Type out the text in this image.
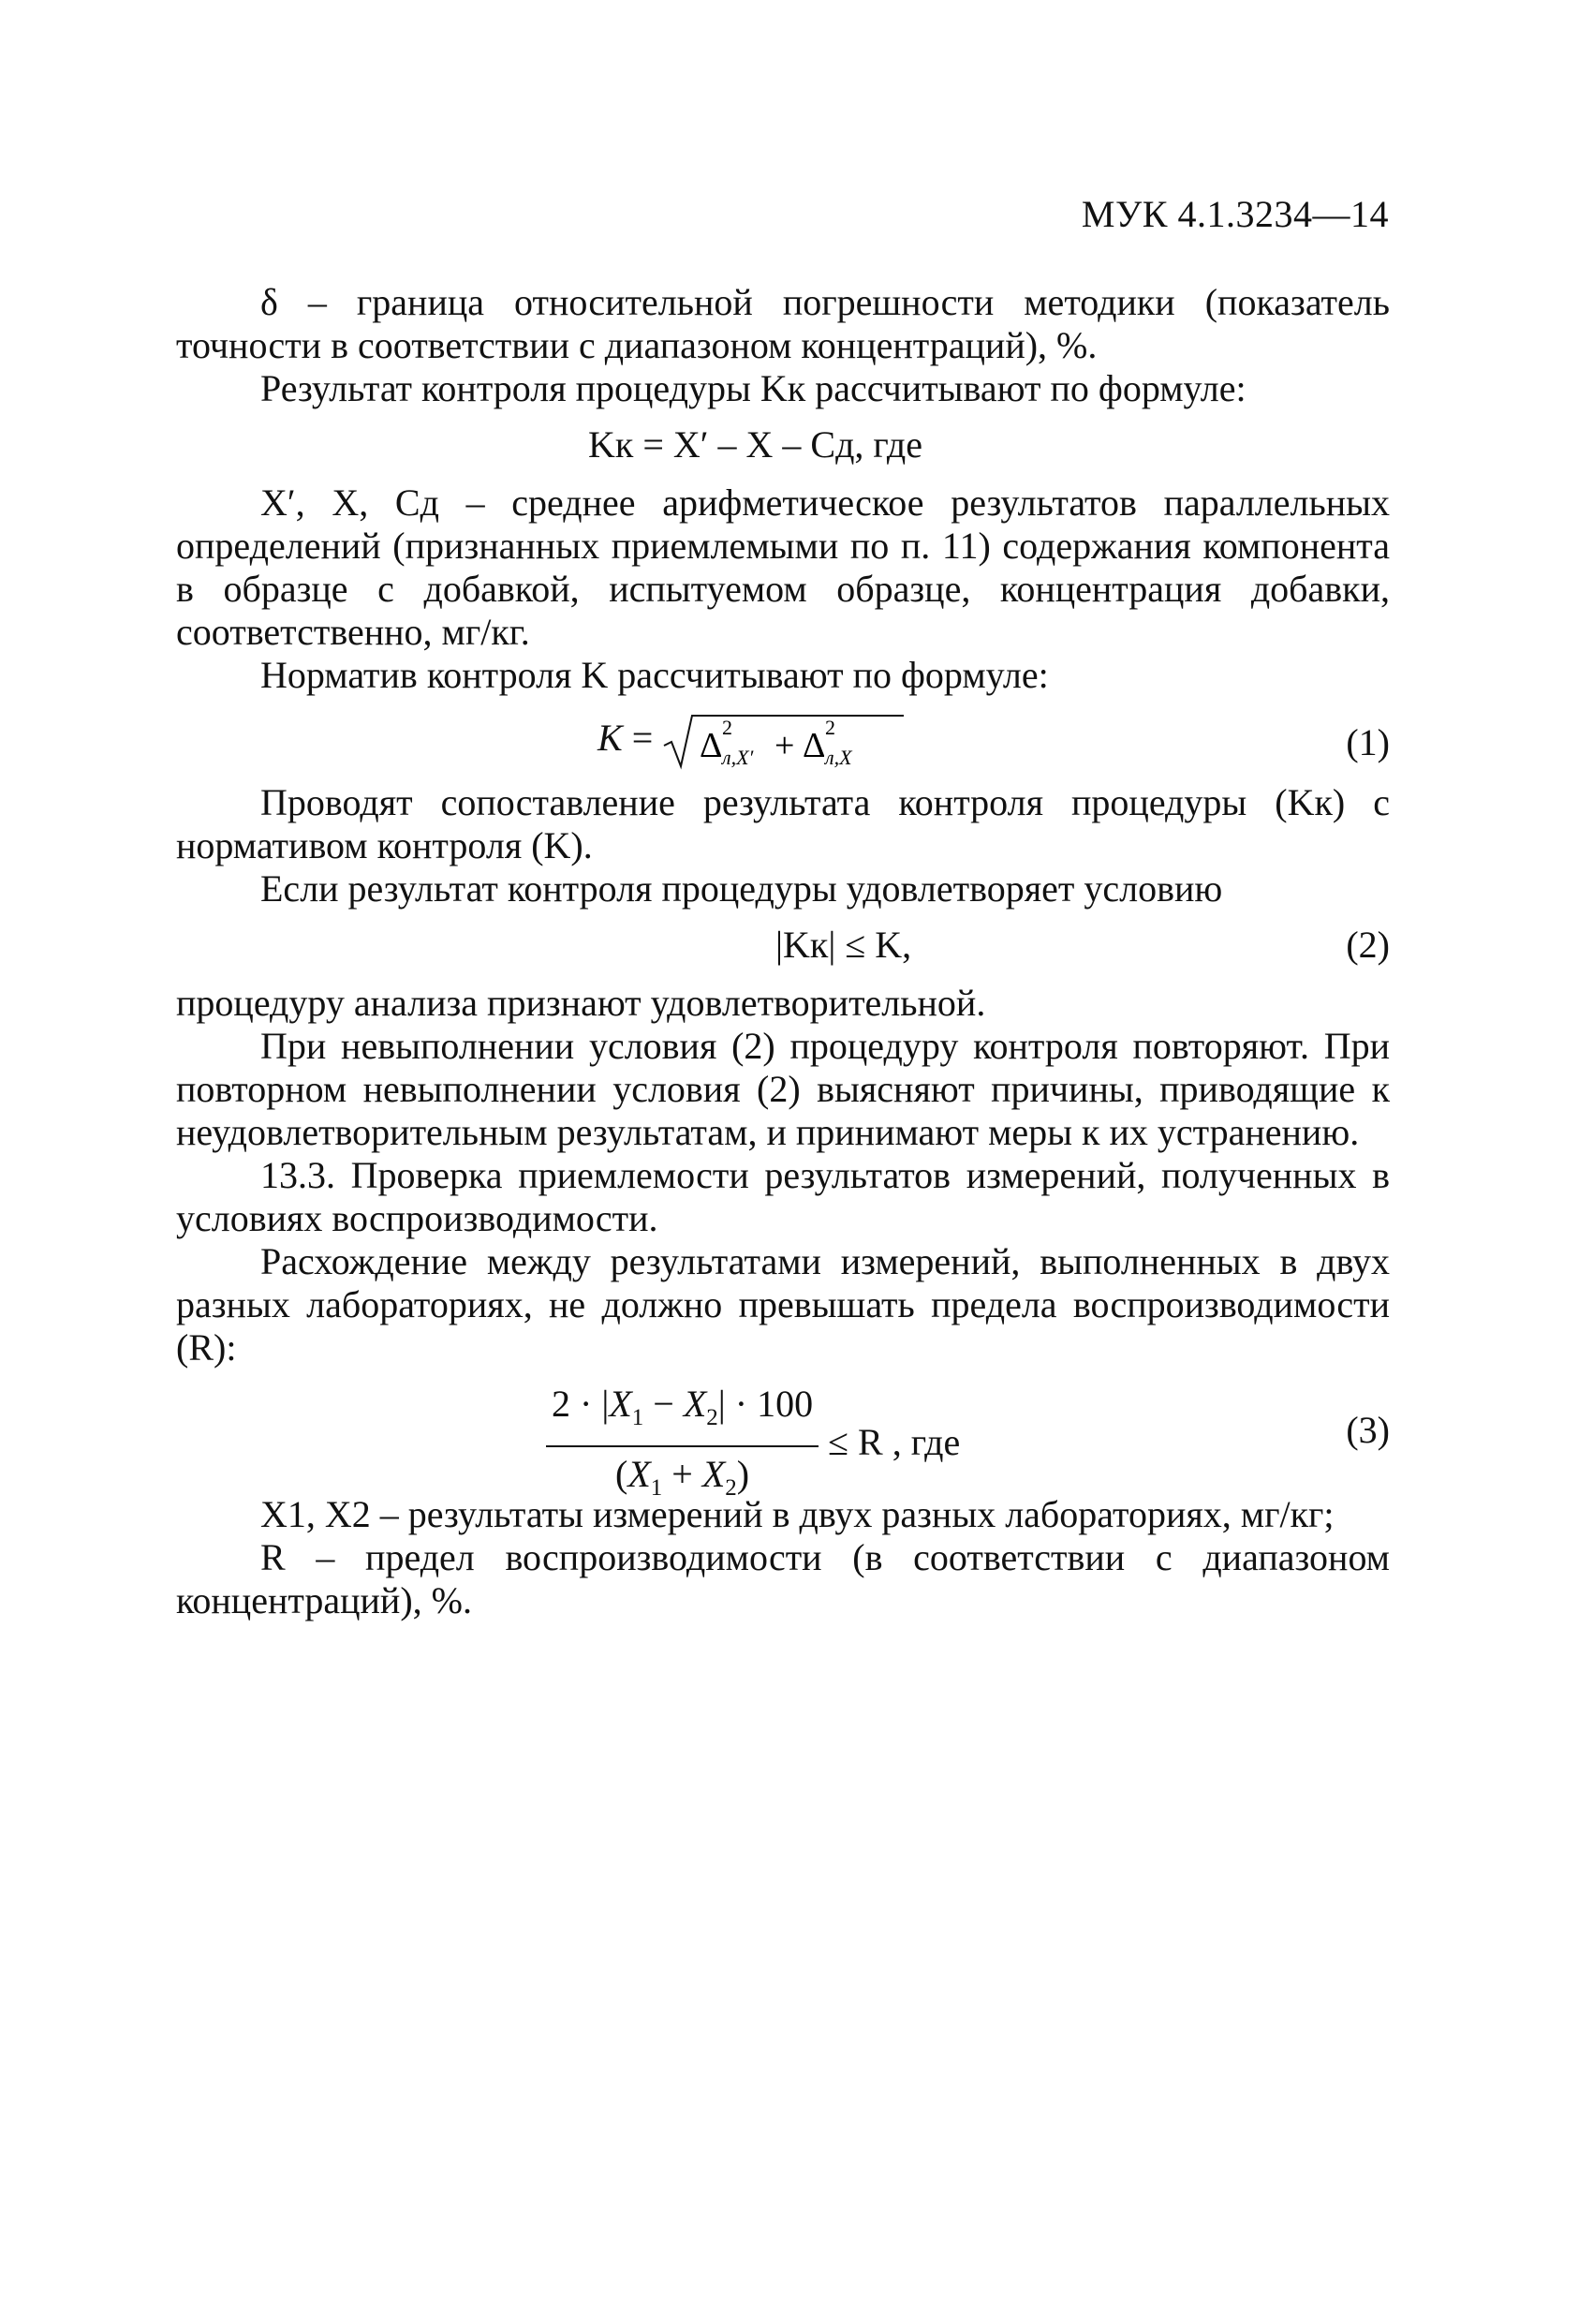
МУК 4.1.3234—14

δ – граница относительной погрешности методики (показатель точности в соответствии с диапазоном концентраций), %.

Результат контроля процедуры Kк рассчитывают по формуле:

Kк = X′ – X – Cд, где

X′, X, Cд – среднее арифметическое результатов параллельных определений (признанных приемлемыми по п. 11) содержания компонента в образце с добавкой, испытуемом образце, концентрация добавки, соответственно, мг/кг.

Норматив контроля K рассчитывают по формуле:

K = Δ 2
л,X′ + Δ 2
л,X	(1)

Проводят сопоставление результата контроля процедуры (Kк) с нормативом контроля (K).

Если результат контроля процедуры удовлетворяет условию

|Kк| ≤ K,	(2)

процедуру анализа признают удовлетворительной.

При невыполнении условия (2) процедуру контроля повторяют. При повторном невыполнении условия (2) выясняют причины, приводящие к неудовлетворительным результатам, и принимают меры к их устранению.

13.3. Проверка приемлемости результатов измерений, полученных в условиях воспроизводимости.

Расхождение между результатами измерений, выполненных в двух разных лабораториях, не должно превышать предела воспроизводимости (R):

$\frac{2 \cdot |X_1 - X_2| \cdot 100}{(X_1 + X_2)} \le R$ , где	(3)

X1, X2 – результаты измерений в двух разных лабораториях, мг/кг;

R – предел воспроизводимости (в соответствии с диапазоном концентраций), %.
